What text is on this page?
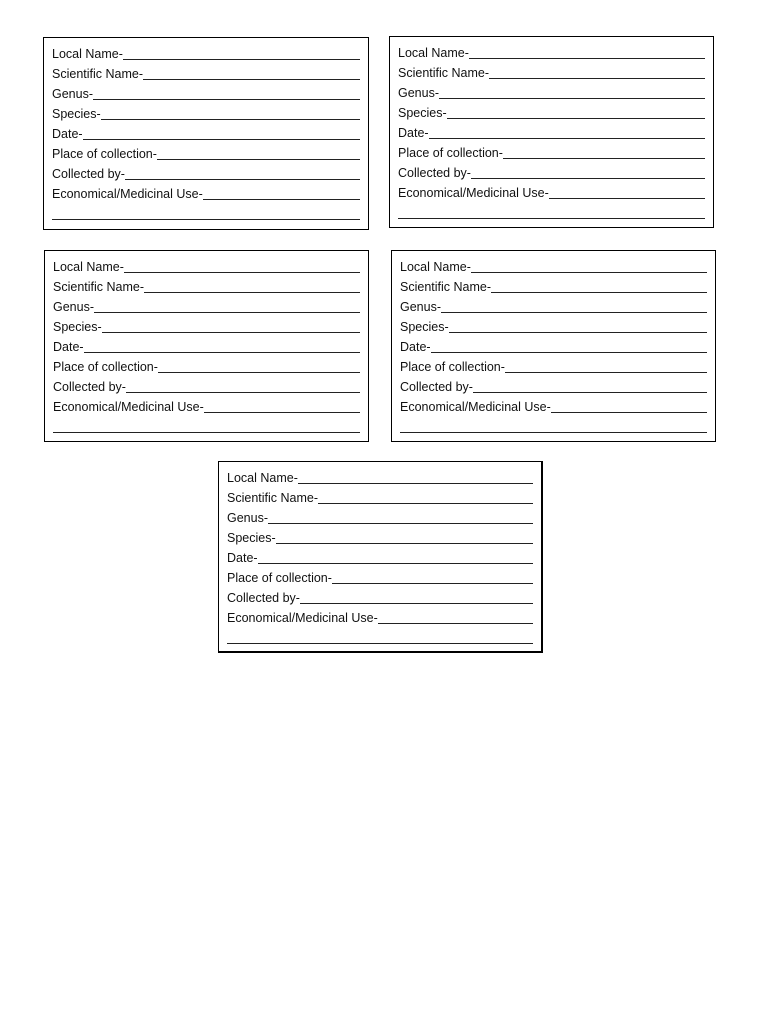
Local Name-
Scientific Name-
Genus-
Species-
Date-
Place of collection-
Collected by-
Economical/Medicinal Use-
Local Name-
Scientific Name-
Genus-
Species-
Date-
Place of collection-
Collected by-
Economical/Medicinal Use-
Local Name-
Scientific Name-
Genus-
Species-
Date-
Place of collection-
Collected by-
Economical/Medicinal Use-
Local Name-
Scientific Name-
Genus-
Species-
Date-
Place of collection-
Collected by-
Economical/Medicinal Use-
Local Name-
Scientific Name-
Genus-
Species-
Date-
Place of collection-
Collected by-
Economical/Medicinal Use-
